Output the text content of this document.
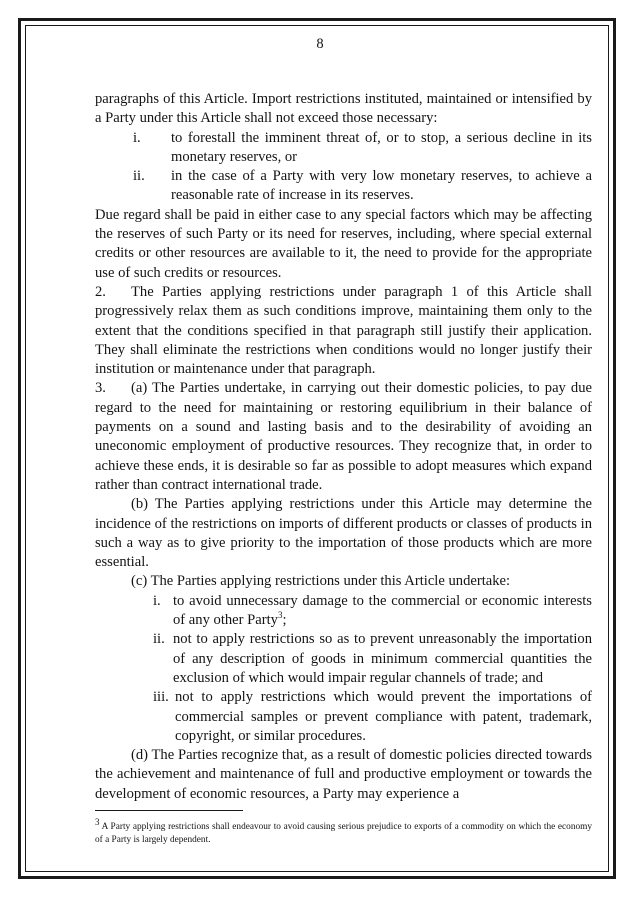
8

paragraphs of this Article. Import restrictions instituted, maintained or intensified by a Party under this Article shall not exceed those necessary:

i. to forestall the imminent threat of, or to stop, a serious decline in its monetary reserves, or

ii. in the case of a Party with very low monetary reserves, to achieve a reasonable rate of increase in its reserves.

Due regard shall be paid in either case to any special factors which may be affecting the reserves of such Party or its need for reserves, including, where special external credits or other resources are available to it, the need to provide for the appropriate use of such credits or resources.

2. The Parties applying restrictions under paragraph 1 of this Article shall progressively relax them as such conditions improve, maintaining them only to the extent that the conditions specified in that paragraph still justify their application. They shall eliminate the restrictions when conditions would no longer justify their institution or maintenance under that paragraph.

3. (a) The Parties undertake, in carrying out their domestic policies, to pay due regard to the need for maintaining or restoring equilibrium in their balance of payments on a sound and lasting basis and to the desirability of avoiding an uneconomic employment of productive resources. They recognize that, in order to achieve these ends, it is desirable so far as possible to adopt measures which expand rather than contract international trade.

(b) The Parties applying restrictions under this Article may determine the incidence of the restrictions on imports of different products or classes of products in such a way as to give priority to the importation of those products which are more essential.

(c) The Parties applying restrictions under this Article undertake:

i. to avoid unnecessary damage to the commercial or economic interests of any other Party$^3$;

ii. not to apply restrictions so as to prevent unreasonably the importation of any description of goods in minimum commercial quantities the exclusion of which would impair regular channels of trade; and

iii. not to apply restrictions which would prevent the importations of commercial samples or prevent compliance with patent, trademark, copyright, or similar procedures.

(d) The Parties recognize that, as a result of domestic policies directed towards the achievement and maintenance of full and productive employment or towards the development of economic resources, a Party may experience a

$^3$ A Party applying restrictions shall endeavour to avoid causing serious prejudice to exports of a commodity on which the economy of a Party is largely dependent.
